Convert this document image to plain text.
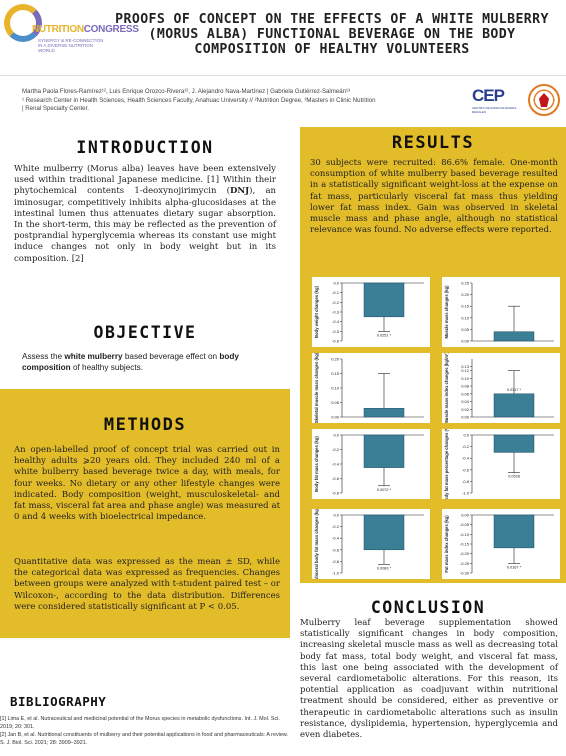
NUTRITIONCONGRESS
SYNERGY & RE-CONNECTION IN A DIVERSE NUTRITION WORLD
PROOFS OF CONCEPT ON THE EFFECTS OF A WHITE MULBERRY (MORUS ALBA) FUNCTIONAL BEVERAGE ON THE BODY COMPOSITION OF HEALTHY VOLUNTEERS
Martha Paola Flores-Ramírez¹², Luis Enrique Orozco-Rivera¹², J. Alejandro Nava-Martínez | Gabriela Gutiérrez-Salmeán¹³
¹ Research Center in Health Sciences, Health Sciences Faculty, Anahuac University // ²Nutrition Degree, ³Masters in Clinic Nutrition
| Renal Specialty Center.
CEP
CENTRO DE ESPECIALIDADES RENALES
INTRODUCTION
White mulberry (Morus alba) leaves have been extensively used within traditional Japanese medicine. [1] Within their phytochemical contents 1-deoxynojirimycin (DNJ), an iminosugar, competitively inhibits alpha-glucosidases at the intestinal lumen thus attenuates dietary sugar absorption. In the short-term, this may be reflected as the prevention of postprandial hyperglycemia whereas its constant use might induce changes not only in body weight but in its composition. [2]
OBJECTIVE
Assess the white mulberry based beverage effect on body composition of healthy subjects.
METHODS
An open-labelled proof of concept trial was carried out in healthy adults ⩾20 years old. They included 240 ml of a white bulberry based beverage twice a day, with meals, for four weeks. No dietary or any other lifestyle changes were indicated. Body composition (weight, musculoskeletal- and fat mass, visceral fat area and phase angle) was measured at 0 and 4 weeks with bioelectrical impedance.
Quantitative data was expressed as the mean ± SD, while the categorical data was expressed as frequencies. Changes between groups were analyzed with t-student paired test – or Wilcoxon-, according to the data distribution. Differences were considered statistically significant at P < 0.05.
BIBLIOGRAPHY
[1] Lima E, et al. Nutraceutical and medicinal potential of the Morus species in metabolic dysfunctions. Int. J. Mol. Sci. 2019; 20: 301.
[2] Jan B, et al. Nutritional constituents of mulberry and their potential applications in food and pharmaceuticals: A review. S. J. Biol. Sci. 2021; 28: 3909–3921.
RESULTS
30 subjects were recruited: 86.6% female. One-month consumption of white mulberry based beverage resulted in a statistically significant weight-loss at the expense on fat mass, particularly visceral fat mass thus yielding lower fat mass index. Gain was observed in skeletal muscle mass and phase angle, although no statistical relevance was found. No adverse effects were reported.
Body weight changes (kg)
-0.6
-0.5
-0.4
-0.3
-0.2
-0.1
0.0
0.0251 *	Muscle mass changes (kg)
0.00
0.05
0.10
0.15
0.20
0.25
Skeletal muscle mass changes (kg)	0.00
0.05
0.10
0.15
0.20	Muscle mass index changes (kg/m²)	0.00
0.02
0.04
0.06
0.08
0.10
0.12
0.13
0.0317 *
Body fat mass changes (kg)
-0.8
-0.6
-0.4
-0.2
0.0
0.0072 *	Body fat mass percentage changes (%)	-1.0
-0.8
-0.6
-0.4
-0.2
0.0
0.0528
Visceral body fat mass changes (kg)	-1.0
-0.8
-0.6
-0.4
-0.2
0.0
0.0083 *	Fat mass index changes (kg)
-0.30
-0.25
-0.20
-0.15
-0.10
-0.05
0.00
0.0167 *
CONCLUSION
Mulberry leaf beverage supplementation showed statistically significant changes in body composition, increasing skeletal muscle mass as well as decreasing total body fat mass, total body weight, and visceral fat mass, this last one being associated with the development of several cardiometabolic alterations. For this reason, its potential application as coadjuvant within nutritional treatment should be considered, either as preventive or therapeutic in cardiometabolic alterations such as insulin resistance, dyslipidemia, hypertension, hyperglycemia and even diabetes.
